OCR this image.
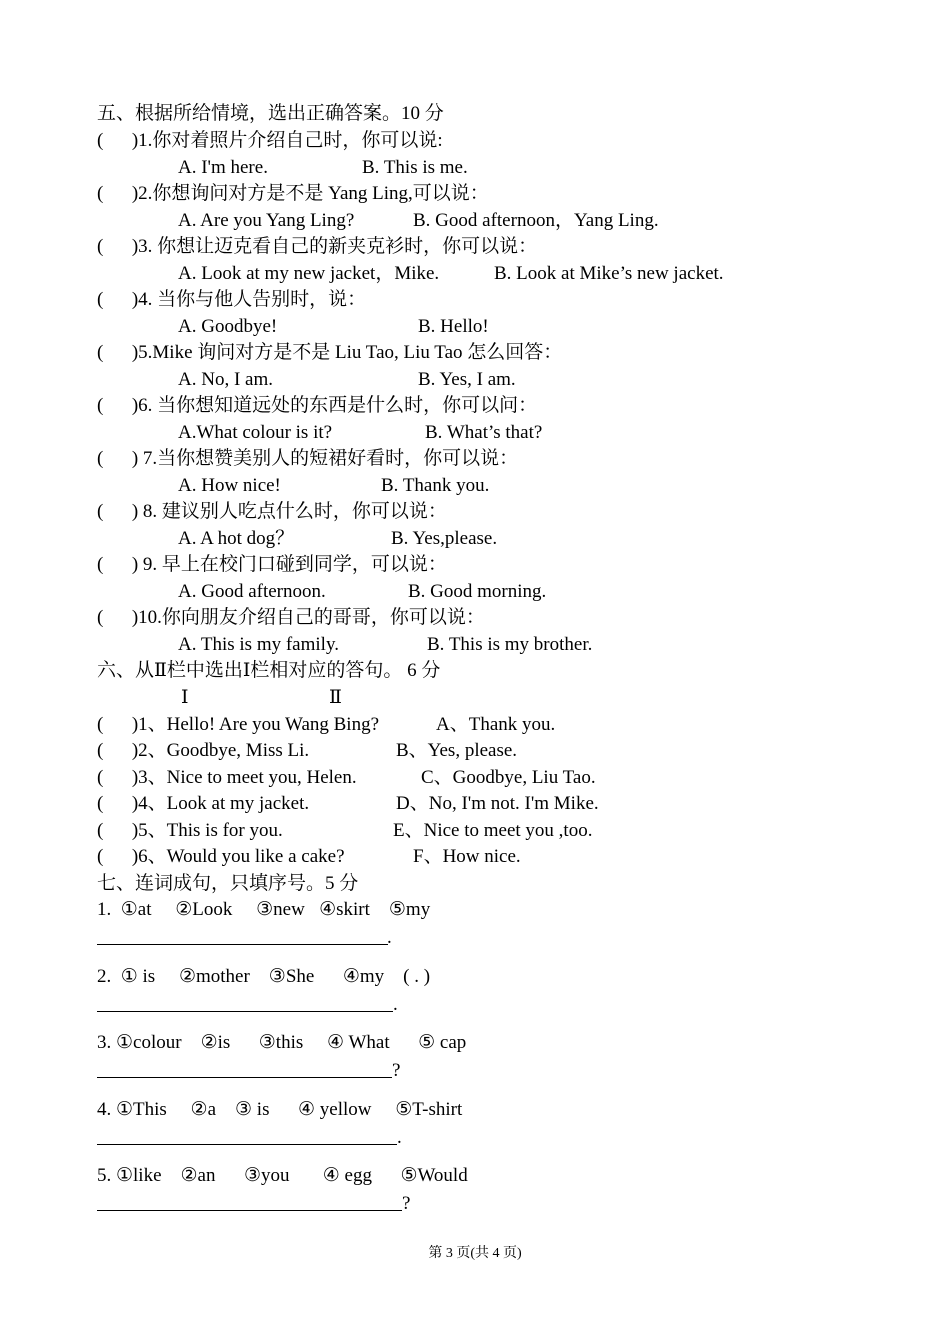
五、根据所给情境，选出正确答案。10 分
(      )1.你对着照片介绍自己时，你可以说:
A. I'm here.	B. This is me.
(      )2.你想询问对方是不是 Yang Ling,可以说：
A. Are you Yang Ling?	B. Good afternoon，Yang Ling.
(      )3. 你想让迈克看自己的新夹克衫时，你可以说：
A. Look at my new jacket，Mike.	B. Look at Mike’s new jacket.
(      )4. 当你与他人告别时，说：
A. Goodbye!	B. Hello!
(      )5.Mike 询问对方是不是 Liu Tao, Liu Tao 怎么回答：
A. No, I am.	B. Yes, I am.
(      )6. 当你想知道远处的东西是什么时，你可以问：
A.What colour is it?	B. What’s that?
(      ) 7.当你想赞美别人的短裙好看时，你可以说：
A. How nice!	B. Thank you.
(      ) 8. 建议别人吃点什么时，你可以说：
A. A hot dog？	B. Yes,please.
(      ) 9. 早上在校门口碰到同学，可以说：
A. Good afternoon.	B. Good morning.
(      )10.你向朋友介绍自己的哥哥，你可以说：
A. This is my family.	B. This is my brother.
六、从Ⅱ栏中选出Ⅰ栏相对应的答句。 6 分
Ⅰ	Ⅱ
(      )1、Hello! Are you Wang Bing?	A、Thank you.
(      )2、Goodbye, Miss Li.	B、Yes, please.
(      )3、Nice to meet you, Helen.	C、Goodbye, Liu Tao.
(      )4、Look at my jacket.	D、No, I'm not. I'm Mike.
(      )5、This is for you.	E、Nice to meet you ,too.
(      )6、Would you like a cake?	F、How nice.
七、连词成句，只填序号。5 分
1.  ①at     ②Look     ③new   ④skirt    ⑤my
.
2.  ① is     ②mother    ③She      ④my    ( . )
.
3. ①colour    ②is      ③this     ④ What      ⑤ cap
?
4. ①This     ②a    ③ is      ④ yellow     ⑤T-shirt
.
5. ①like    ②an      ③you       ④ egg      ⑤Would
?
第 3 页(共 4 页)
